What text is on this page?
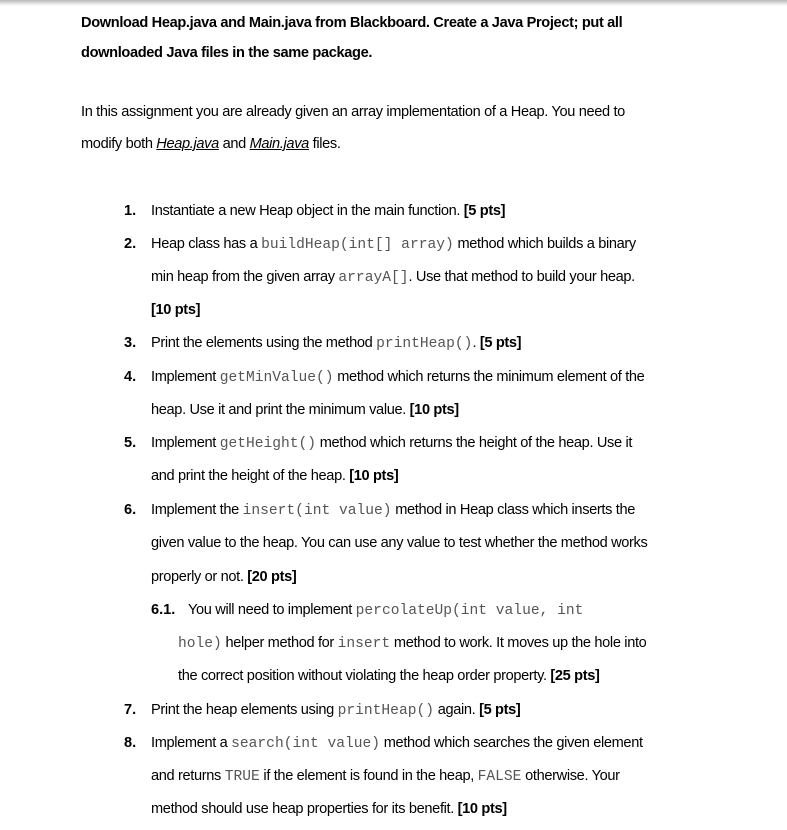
Download Heap.java and Main.java from Blackboard. Create a Java Project; put all
downloaded Java files in the same package.
In this assignment you are already given an array implementation of a Heap. You need to
modify both Heap.java and Main.java files.
1. Instantiate a new Heap object in the main function. [5 pts]
2. Heap class has a buildHeap(int[] array) method which builds a binary
min heap from the given array arrayA[]. Use that method to build your heap.
[10 pts]
3. Print the elements using the method printHeap(). [5 pts]
4. Implement getMinValue() method which returns the minimum element of the
heap. Use it and print the minimum value. [10 pts]
5. Implement getHeight() method which returns the height of the heap. Use it
and print the height of the heap. [10 pts]
6. Implement the insert(int value) method in Heap class which inserts the
given value to the heap. You can use any value to test whether the method works
properly or not. [20 pts]
6.1. You will need to implement percolateUp(int value, int
hole) helper method for insert method to work. It moves up the hole into
the correct position without violating the heap order property. [25 pts]
7. Print the heap elements using printHeap() again. [5 pts]
8. Implement a search(int value) method which searches the given element
and returns TRUE if the element is found in the heap, FALSE otherwise. Your
method should use heap properties for its benefit. [10 pts]
